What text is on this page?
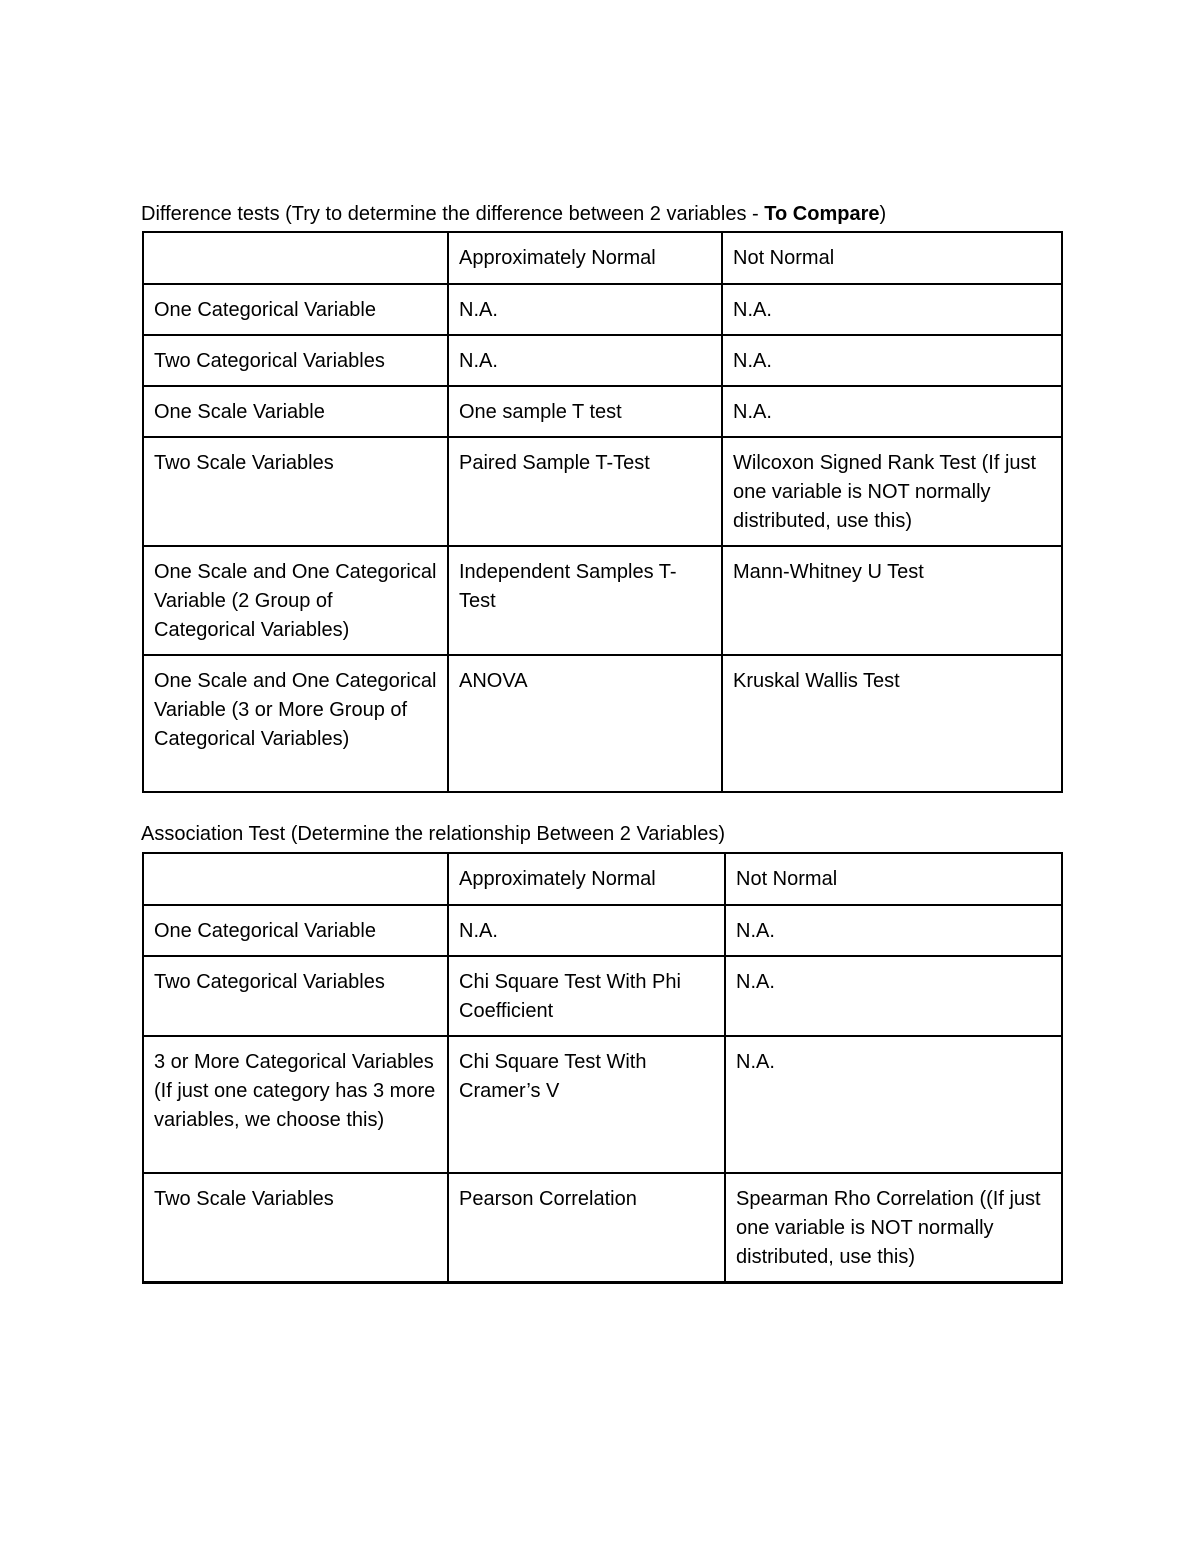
Difference tests (Try to determine the difference between 2 variables - To Compare)
	Approximately Normal	Not Normal
One Categorical Variable	N.A.	N.A.
Two Categorical Variables	N.A.	N.A.
One Scale Variable	One sample T test	N.A.
Two Scale Variables	Paired Sample T-Test	Wilcoxon Signed Rank Test (If just one variable is NOT normally distributed, use this)
One Scale and One Categorical Variable (2 Group of Categorical Variables)	Independent Samples T-Test	Mann-Whitney U Test
One Scale and One Categorical Variable (3 or More Group of Categorical Variables)	ANOVA	Kruskal Wallis Test
Association Test (Determine the relationship Between 2 Variables)
	Approximately Normal	Not Normal
One Categorical Variable	N.A.	N.A.
Two Categorical Variables	Chi Square Test With Phi Coefficient	N.A.
3 or More Categorical Variables (If just one category has 3 more variables, we choose this)	Chi Square Test With Cramer’s V	N.A.
Two Scale Variables	Pearson Correlation	Spearman Rho Correlation ((If just one variable is NOT normally distributed, use this)
